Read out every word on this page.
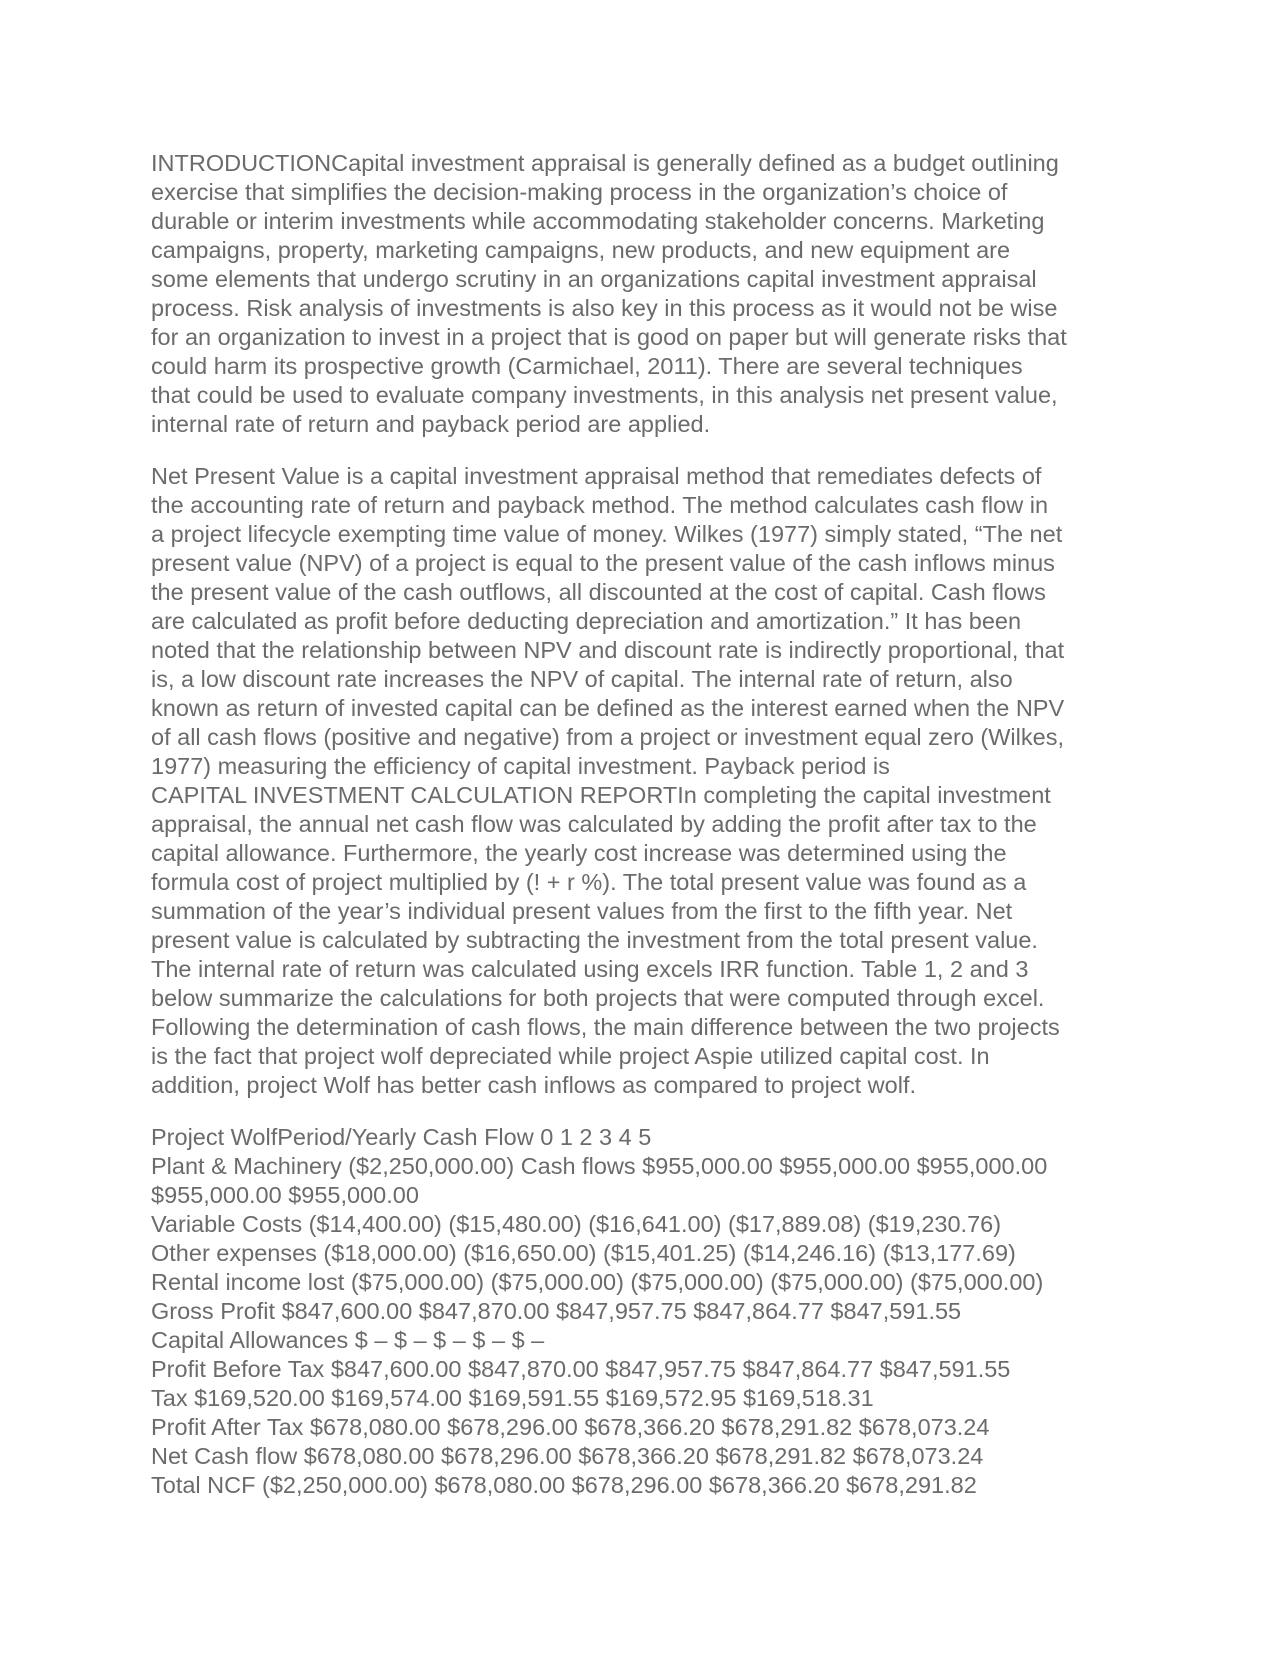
INTRODUCTIONCapital investment appraisal is generally defined as a budget outlining
exercise that simplifies the decision-making process in the organization’s choice of
durable or interim investments while accommodating stakeholder concerns. Marketing
campaigns, property, marketing campaigns, new products, and new equipment are
some elements that undergo scrutiny in an organizations capital investment appraisal
process. Risk analysis of investments is also key in this process as it would not be wise
for an organization to invest in a project that is good on paper but will generate risks that
could harm its prospective growth (Carmichael, 2011). There are several techniques
that could be used to evaluate company investments, in this analysis net present value,
internal rate of return and payback period are applied.
Net Present Value is a capital investment appraisal method that remediates defects of
the accounting rate of return and payback method. The method calculates cash flow in
a project lifecycle exempting time value of money. Wilkes (1977) simply stated, “The net
present value (NPV) of a project is equal to the present value of the cash inflows minus
the present value of the cash outflows, all discounted at the cost of capital. Cash flows
are calculated as profit before deducting depreciation and amortization.” It has been
noted that the relationship between NPV and discount rate is indirectly proportional, that
is, a low discount rate increases the NPV of capital. The internal rate of return, also
known as return of invested capital can be defined as the interest earned when the NPV
of all cash flows (positive and negative) from a project or investment equal zero (Wilkes,
1977) measuring the efficiency of capital investment. Payback period is
CAPITAL INVESTMENT CALCULATION REPORTIn completing the capital investment
appraisal, the annual net cash flow was calculated by adding the profit after tax to the
capital allowance. Furthermore, the yearly cost increase was determined using the
formula cost of project multiplied by (! + r %). The total present value was found as a
summation of the year’s individual present values from the first to the fifth year. Net
present value is calculated by subtracting the investment from the total present value.
The internal rate of return was calculated using excels IRR function. Table 1, 2 and 3
below summarize the calculations for both projects that were computed through excel.
Following the determination of cash flows, the main difference between the two projects
is the fact that project wolf depreciated while project Aspie utilized capital cost. In
addition, project Wolf has better cash inflows as compared to project wolf.
Project WolfPeriod/Yearly Cash Flow 0 1 2 3 4 5
Plant & Machinery ($2,250,000.00) Cash flows $955,000.00 $955,000.00 $955,000.00
$955,000.00 $955,000.00
Variable Costs ($14,400.00) ($15,480.00) ($16,641.00) ($17,889.08) ($19,230.76)
Other expenses ($18,000.00) ($16,650.00) ($15,401.25) ($14,246.16) ($13,177.69)
Rental income lost ($75,000.00) ($75,000.00) ($75,000.00) ($75,000.00) ($75,000.00)
Gross Profit $847,600.00 $847,870.00 $847,957.75 $847,864.77 $847,591.55
Capital Allowances $ – $ – $ – $ – $ –
Profit Before Tax $847,600.00 $847,870.00 $847,957.75 $847,864.77 $847,591.55
Tax $169,520.00 $169,574.00 $169,591.55 $169,572.95 $169,518.31
Profit After Tax $678,080.00 $678,296.00 $678,366.20 $678,291.82 $678,073.24
Net Cash flow $678,080.00 $678,296.00 $678,366.20 $678,291.82 $678,073.24
Total NCF ($2,250,000.00) $678,080.00 $678,296.00 $678,366.20 $678,291.82
